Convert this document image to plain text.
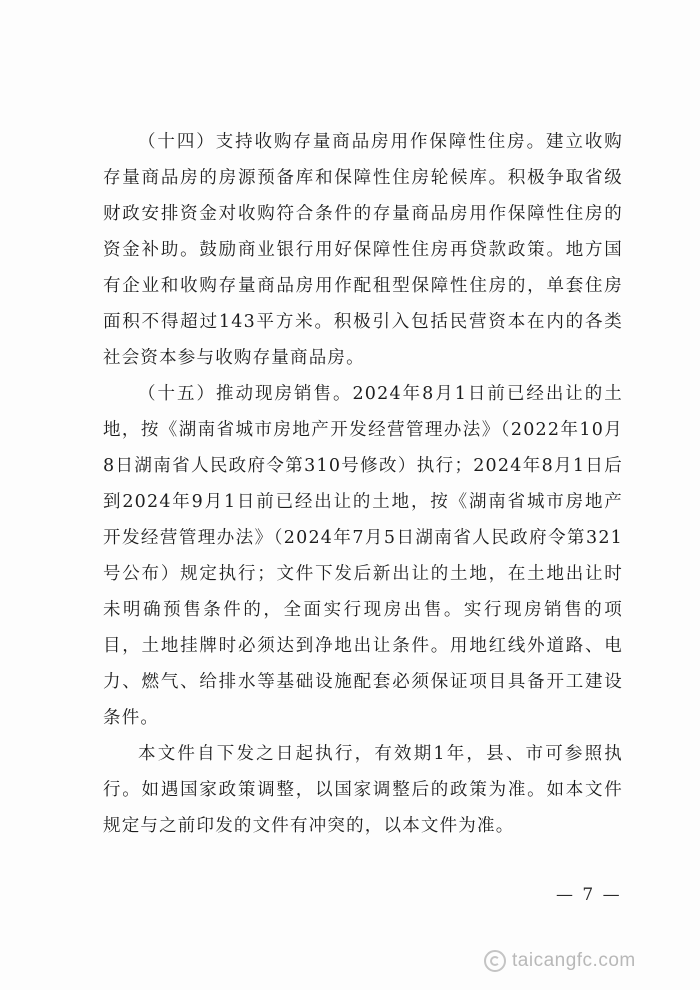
（十四）支持收购存量商品房用作保障性住房。建立收购存量商品房的房源预备库和保障性住房轮候库。积极争取省级财政安排资金对收购符合条件的存量商品房用作保障性住房的资金补助。鼓励商业银行用好保障性住房再贷款政策。地方国有企业和收购存量商品房用作配租型保障性住房的，单套住房面积不得超过143平方米。积极引入包括民营资本在内的各类社会资本参与收购存量商品房。

（十五）推动现房销售。2024年8月1日前已经出让的土地，按《湖南省城市房地产开发经营管理办法》（2022年10月8日湖南省人民政府令第310号修改）执行；2024年8月1日后到2024年9月1日前已经出让的土地，按《湖南省城市房地产开发经营管理办法》（2024年7月5日湖南省人民政府令第321号公布）规定执行；文件下发后新出让的土地，在土地出让时未明确预售条件的，全面实行现房出售。实行现房销售的项目，土地挂牌时必须达到净地出让条件。用地红线外道路、电力、燃气、给排水等基础设施配套必须保证项目具备开工建设条件。

本文件自下发之日起执行，有效期1年，县、市可参照执行。如遇国家政策调整，以国家调整后的政策为准。如本文件规定与之前印发的文件有冲突的，以本文件为准。

— 7 —
taicangfc.com
